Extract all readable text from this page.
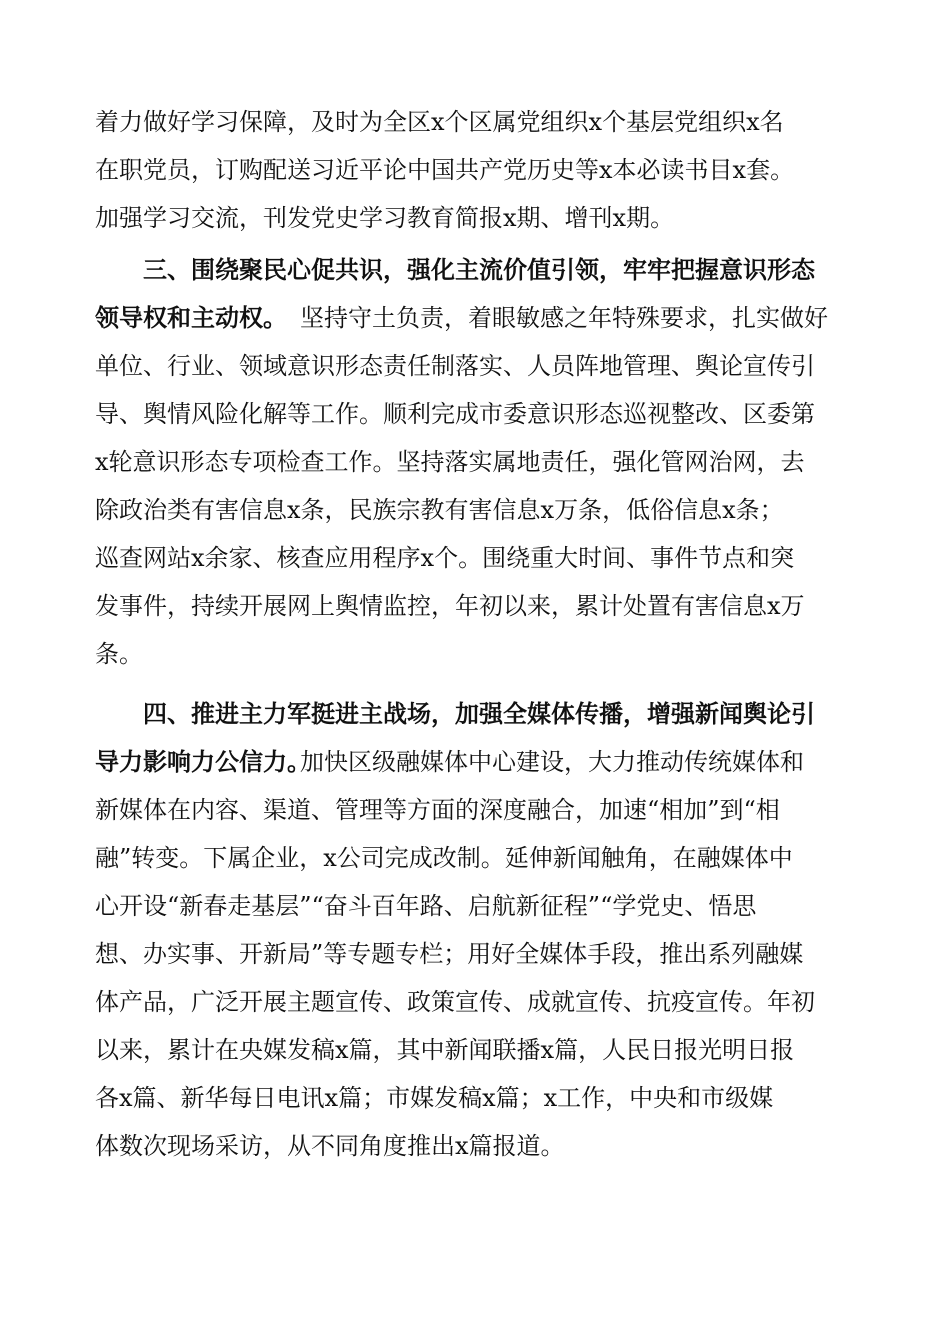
着力做好学习保障，及时为全区x个区属党组织x个基层党组织x名
在职党员，订购配送习近平论中国共产党历史等x本必读书目x套。
加强学习交流，刊发党史学习教育简报x期、增刊x期。
三、围绕聚民心促共识，强化主流价值引领，牢牢把握意识形态
领导权和主动权。 坚持守土负责，着眼敏感之年特殊要求，扎实做好
单位、行业、领域意识形态责任制落实、人员阵地管理、舆论宣传引
导、舆情风险化解等工作。顺利完成市委意识形态巡视整改、区委第
x轮意识形态专项检查工作。坚持落实属地责任，强化管网治网，去
除政治类有害信息x条，民族宗教有害信息x万条，低俗信息x条；
巡查网站x余家、核查应用程序x个。围绕重大时间、事件节点和突
发事件，持续开展网上舆情监控，年初以来，累计处置有害信息x万
条。
四、推进主力军挺进主战场，加强全媒体传播，增强新闻舆论引
导力影响力公信力。
加快区级融媒体中心建设，大力推动传统媒体和
新媒体在内容、渠道、管理等方面的深度融合，加速“相加”到“相
融”转变。下属企业，x公司完成改制。延伸新闻触角，在融媒体中
心开设“新春走基层”“奋斗百年路、启航新征程”“学党史、悟思
想、办实事、开新局”等专题专栏；用好全媒体手段，推出系列融媒
体产品，广泛开展主题宣传、政策宣传、成就宣传、抗疫宣传。年初
以来，累计在央媒发稿x篇，其中新闻联播x篇，人民日报光明日报
各x篇、新华每日电讯x篇；市媒发稿x篇；x工作，中央和市级媒
体数次现场采访，从不同角度推出x篇报道。
